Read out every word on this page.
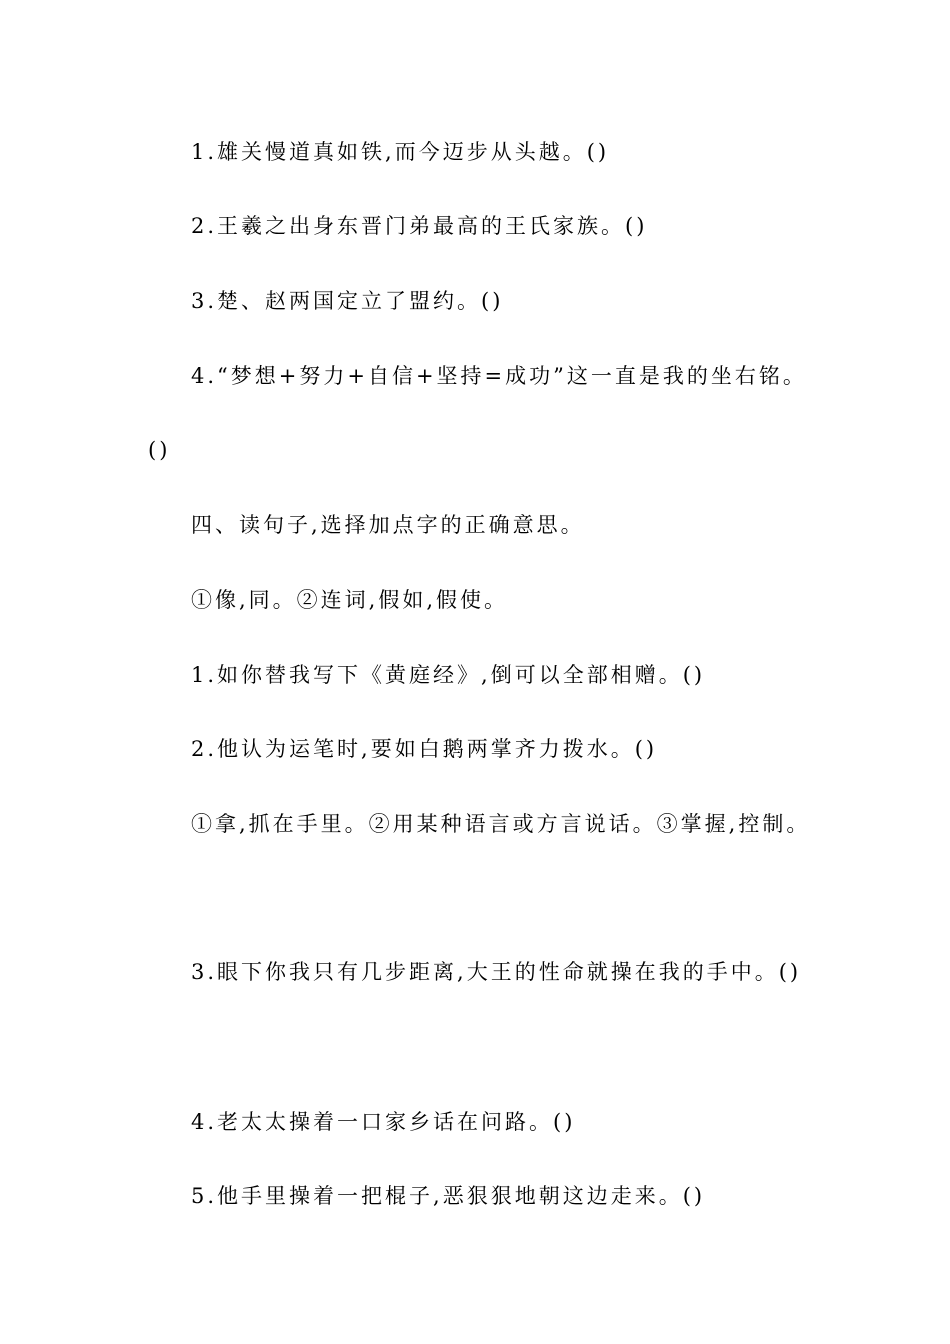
1.雄关慢道真如铁,而今迈步从头越。()
2.王羲之出身东晋门弟最高的王氏家族。()
3.楚、赵两国定立了盟约。()
4.“梦想+努力+自信+坚持=成功”这一直是我的坐右铭。
()
四、读句子,选择加点字的正确意思。
①像,同。②连词,假如,假使。
1.如你替我写下《黄庭经》,倒可以全部相赠。()
2.他认为运笔时,要如白鹅两掌齐力拨水。()
①拿,抓在手里。②用某种语言或方言说话。③掌握,控制。
3.眼下你我只有几步距离,大王的性命就操在我的手中。()
4.老太太操着一口家乡话在问路。()
5.他手里操着一把棍子,恶狠狠地朝这边走来。()
